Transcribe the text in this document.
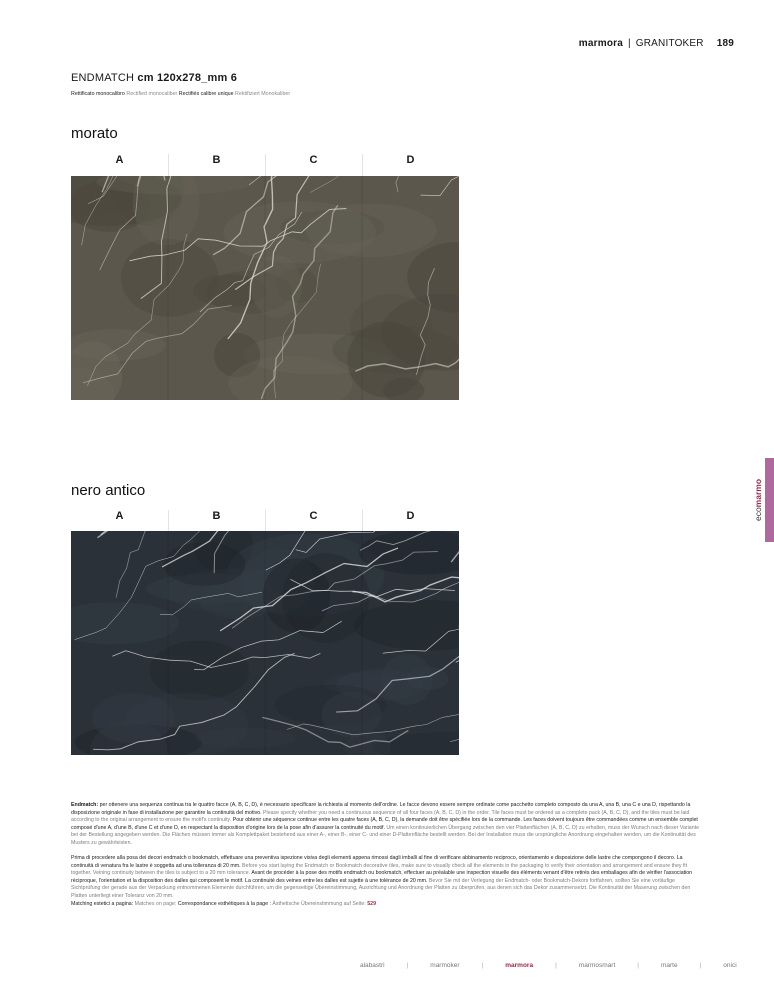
marmora | GRANITOKER 189
ENDMATCH cm 120x278_mm 6
Rettificato monocalibro Rectified monocaliber Rectifiés calibre unique Rektifiziert Monokaliber
morato
A	B	C	D
nero antico
A	B	C	D	ecomarmo

Endmatch: per ottenere una sequenza continua tra le quattro facce (A, B, C, D), è necessario specificare la richiesta al momento dell'ordine. Le facce devono essere sempre ordinate come pacchetto completo composto da una A, una B, una C e una D, rispettando la disposizione originale in fase di installazione per garantire la continuità del motivo. Please specify whether you need a continuous sequence of all four faces (A, B, C, D) in the order. Tile faces must be ordered as a complete pack (A, B, C, D), and the tiles must be laid according to the original arrangement to ensure the motif's continuity. Pour obtenir une séquence continue entre les quatre faces (A, B, C, D), la demande doit être spécifiée lors de la commande. Les faces doivent toujours être commandées comme un ensemble complet composé d'une A, d'une B, d'une C et d'une D, en respectant la disposition d'origine lors de la pose afin d'assurer la continuité du motif. Um einen kontinuierlichen Übergang zwischen den vier Plattenflächen (A, B, C, D) zu erhalten, muss der Wunsch nach dieser Variante bei der Bestellung angegeben werden. Die Flächen müssen immer als Komplettpaket bestehend aus einer A-, einer B-, einer C- und einer D-Plattenfläche bestellt werden. Bei der Installation muss die ursprüngliche Anordnung eingehalten werden, um die Kontinuität des Musters zu gewährleisten.

Prima di procedere alla posa dei decori endmatch o bookmatch, effettuare una preventiva ispezione visiva degli elementi appena rimossi dagli imballi al fine di verificare abbinamento reciproco, orientamento e disposizione delle lastre che compongono il decoro. La continuità di venatura fra le lastre è soggetta ad una tolleranza di 20 mm. Before you start laying the Endmatch or Bookmatch decorative tiles, make sure to visually check all the elements in the packaging to verify their orientation and arrangement and ensure they fit together. Veining continuity between the tiles is subject to a 20 mm tolerance. Avant de procéder à la pose des motifs endmatch ou bookmatch, effectuer au préalable une inspection visuelle des éléments venant d'être retirés des emballages afin de vérifier l'association réciproque, l'orientation et la disposition des dalles qui composent le motif. La continuité des veines entre les dalles est sujette à une tolérance de 20 mm. Bevor Sie mit der Verlegung der Endmatch- oder Bookmatch-Dekors fortfahren, sollten Sie eine vorläufige Sichtprüfung der gerade aus der Verpackung entnommenen Elemente durchführen, um die gegenseitige Übereinstimmung, Ausrichtung und Anordnung der Platten zu überprüfen, aus denen sich das Dekor zusammensetzt. Die Kontinuität der Maserung zwischen den Platten unterliegt einer Toleranz von 20 mm.

Matching estetici a pagina: Matches on page: Correspondance esthétiques à la page : Ästhetische Übereinstimmung auf Seite: 529

alabastri	|	marmoker	|	marmora	|	marmosmart	|	marte	|	onici
